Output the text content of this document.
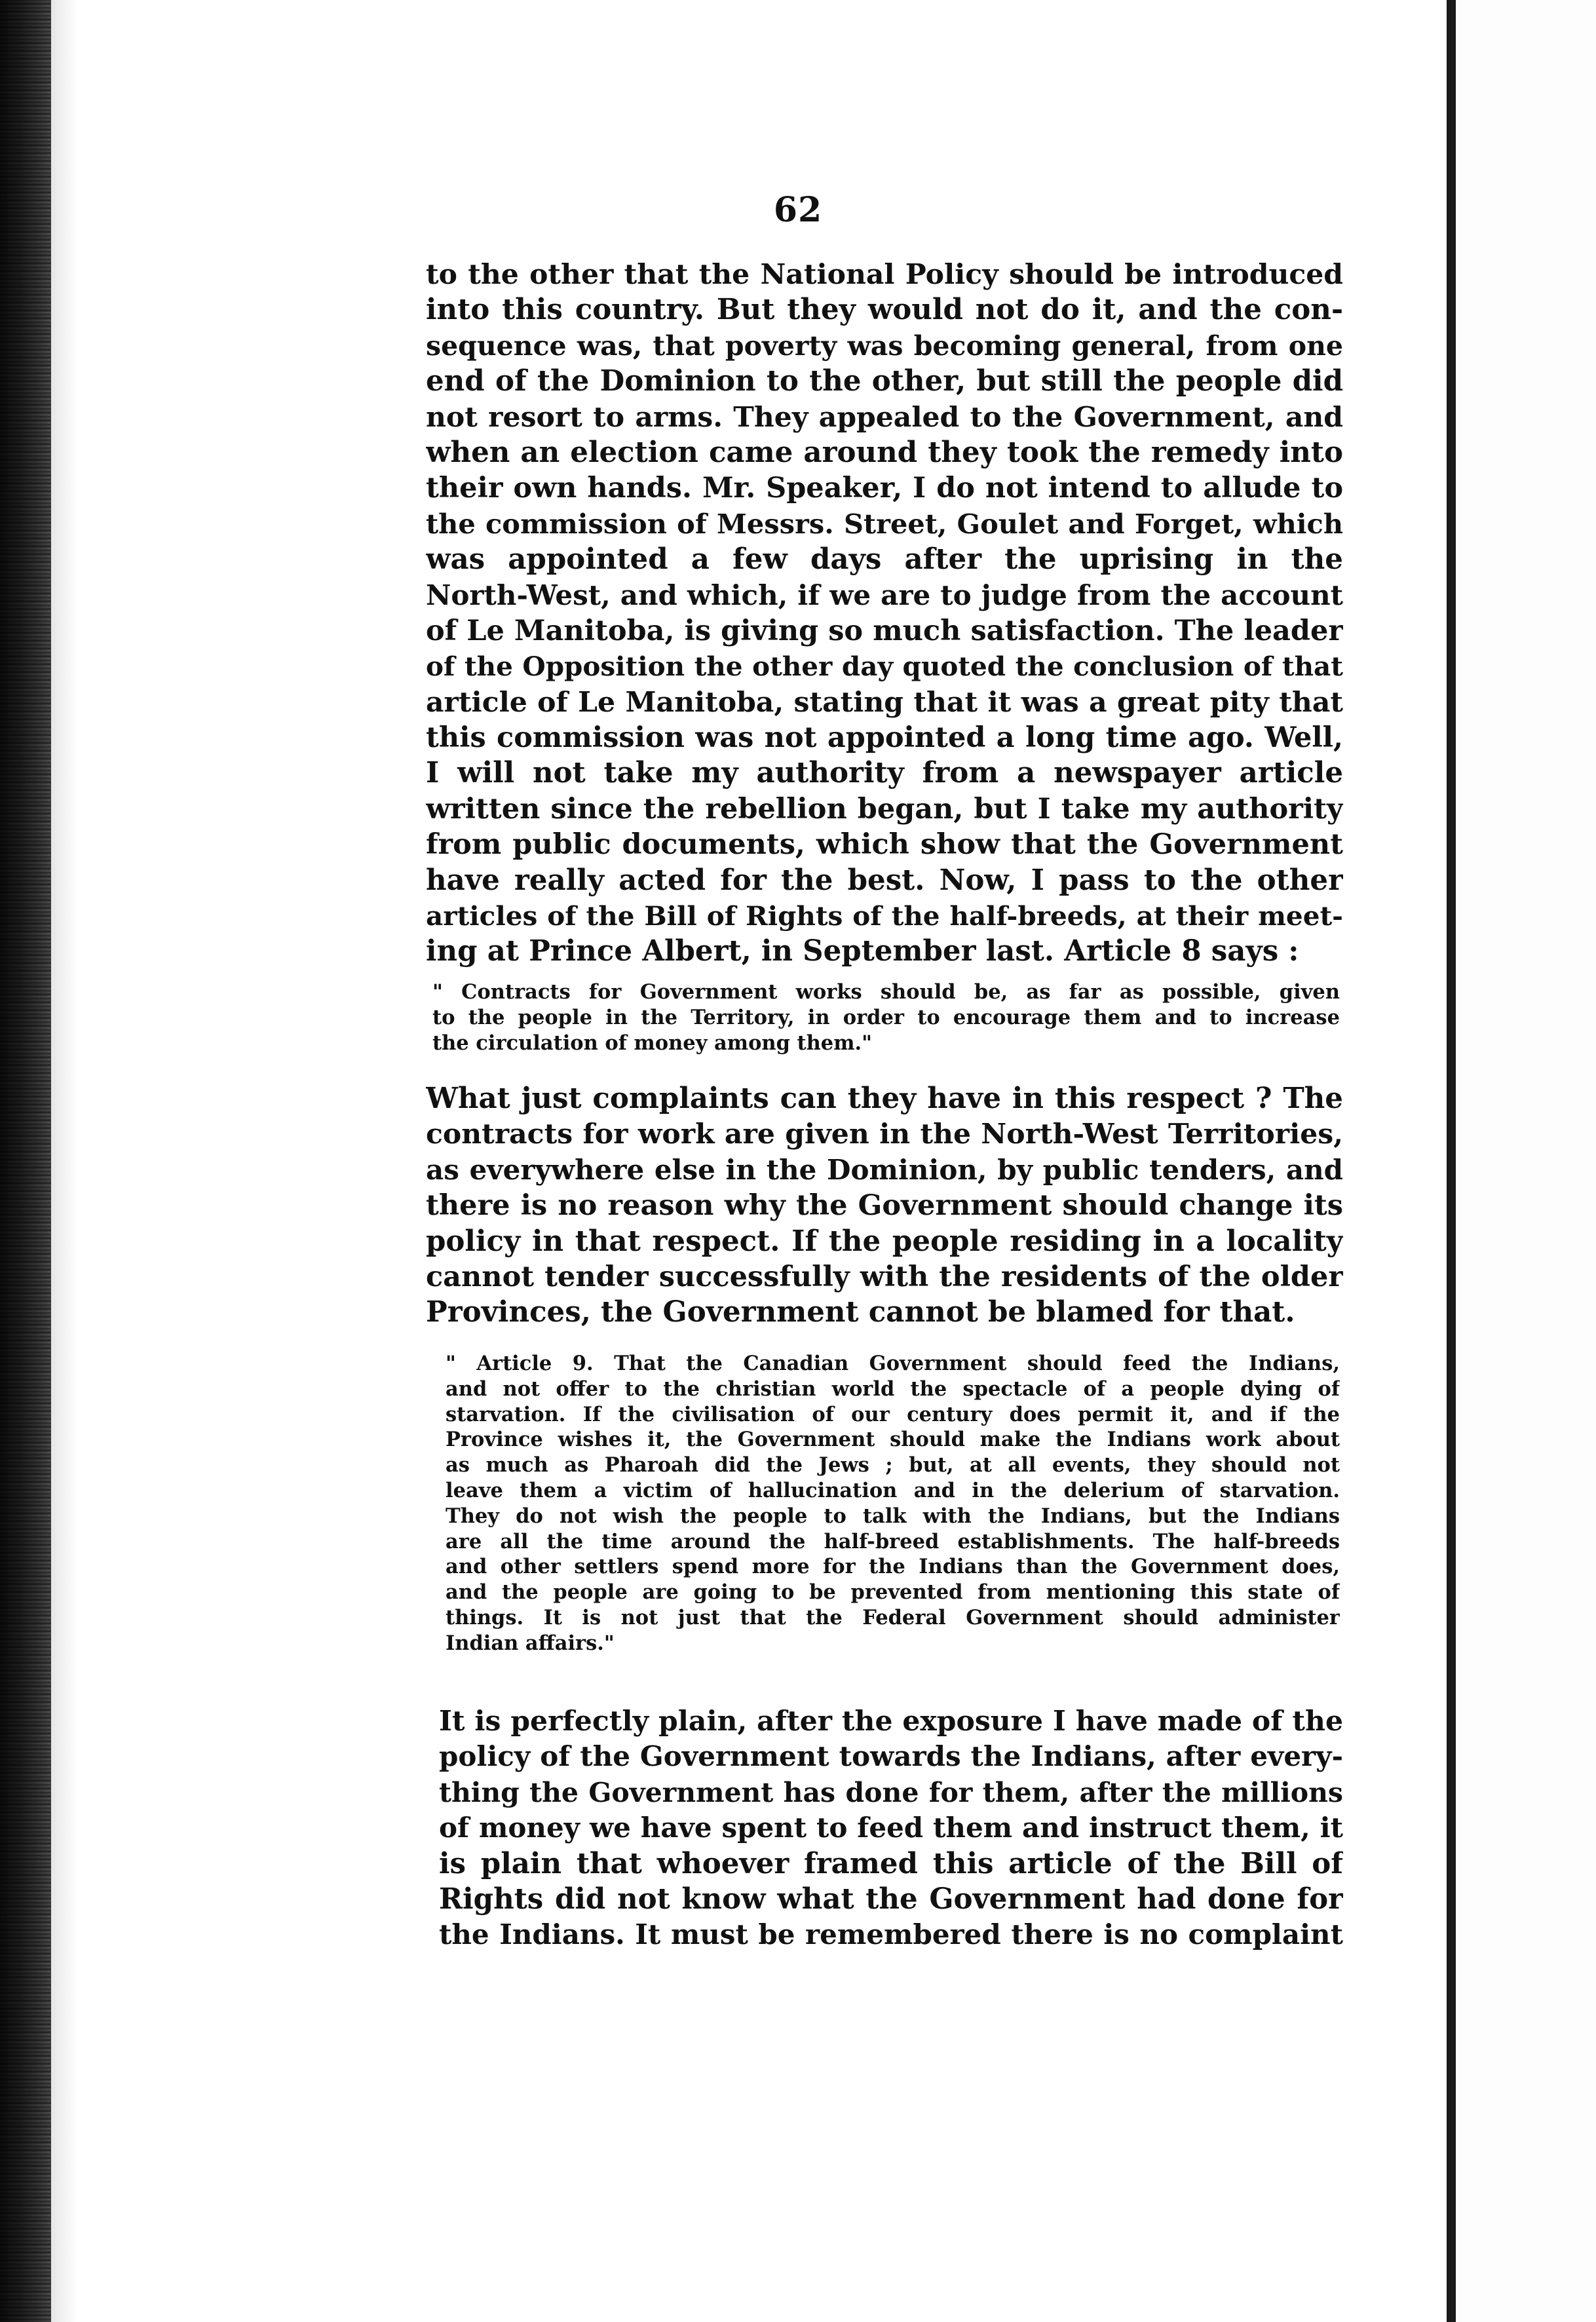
62
to the other that the National Policy should be introduced
into this country. But they would not do it, and the con-
sequence was, that poverty was becoming general, from one
end of the Dominion to the other, but still the people did
not resort to arms. They appealed to the Government, and
when an election came around they took the remedy into
their own hands. Mr. Speaker, I do not intend to allude to
the commission of Messrs. Street, Goulet and Forget, which
was appointed a few days after the uprising in the
North-West, and which, if we are to judge from the account
of Le Manitoba, is giving so much satisfaction. The leader
of the Opposition the other day quoted the conclusion of that
article of Le Manitoba, stating that it was a great pity that
this commission was not appointed a long time ago. Well,
I will not take my authority from a newspayer article
written since the rebellion began, but I take my authority
from public documents, which show that the Government
have really acted for the best. Now, I pass to the other
articles of the Bill of Rights of the half-breeds, at their meet-
ing at Prince Albert, in September last. Article 8 says :
" Contracts for Government works should be, as far as possible, given
to the people in the Territory, in order to encourage them and to increase
the circulation of money among them."
What just complaints can they have in this respect ? The
contracts for work are given in the North-West Territories,
as everywhere else in the Dominion, by public tenders, and
there is no reason why the Government should change its
policy in that respect. If the people residing in a locality
cannot tender successfully with the residents of the older
Provinces, the Government cannot be blamed for that.
" Article 9. That the Canadian Government should feed the Indians,
and not offer to the christian world the spectacle of a people dying of
starvation. If the civilisation of our century does permit it, and if the
Province wishes it, the Government should make the Indians work about
as much as Pharoah did the Jews ; but, at all events, they should not
leave them a victim of hallucination and in the delerium of starvation.
They do not wish the people to talk with the Indians, but the Indians
are all the time around the half-breed establishments. The half-breeds
and other settlers spend more for the Indians than the Government does,
and the people are going to be prevented from mentioning this state of
things. It is not just that the Federal Government should administer
Indian affairs."
It is perfectly plain, after the exposure I have made of the
policy of the Government towards the Indians, after every-
thing the Government has done for them, after the millions
of money we have spent to feed them and instruct them, it
is plain that whoever framed this article of the Bill of
Rights did not know what the Government had done for
the Indians. It must be remembered there is no complaint
